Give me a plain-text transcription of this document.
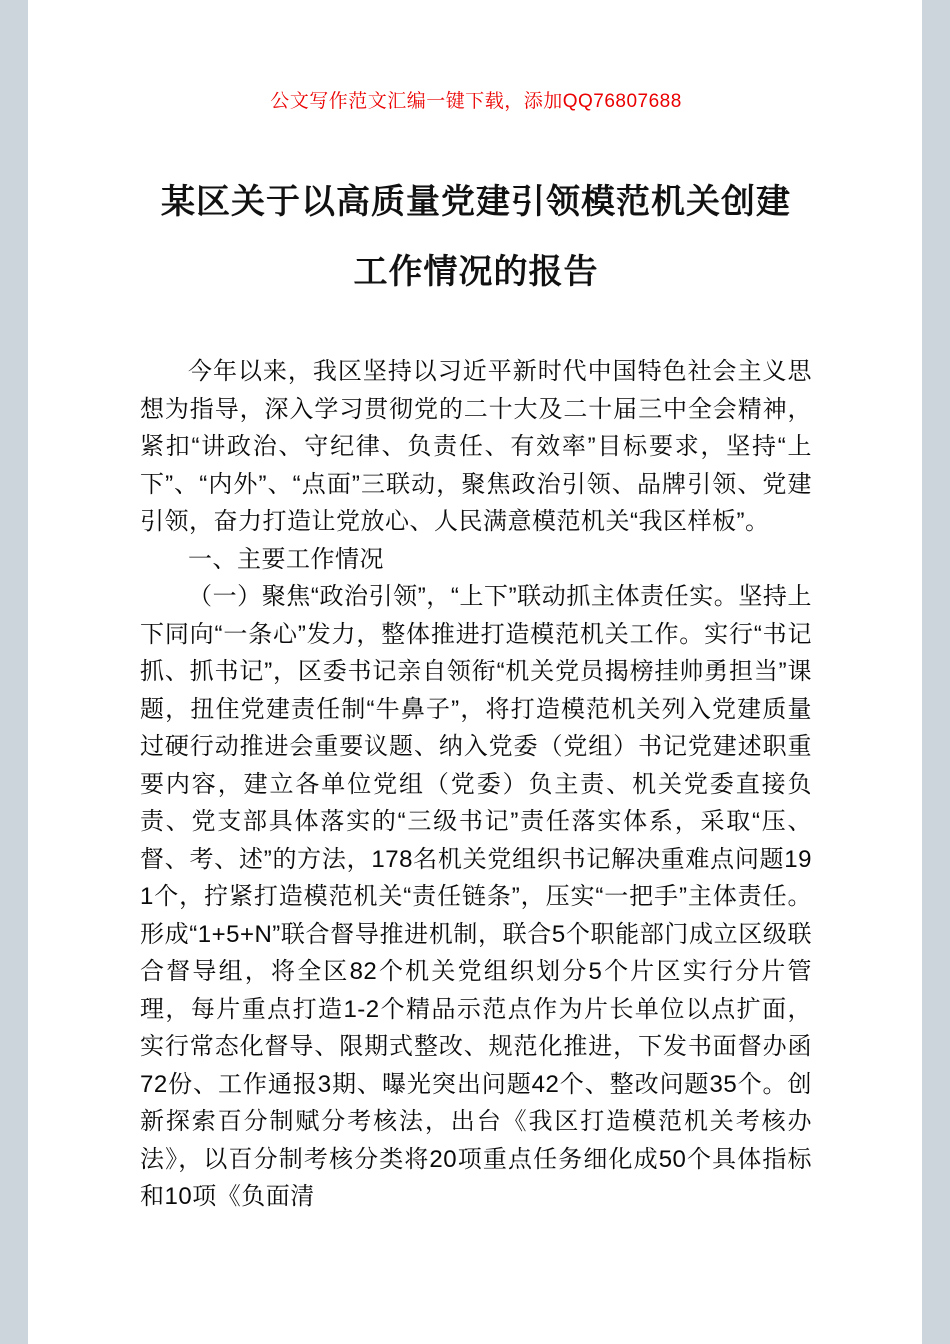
公文写作范文汇编一键下载，添加QQ76807688
某区关于以高质量党建引领模范机关创建
工作情况的报告

今年以来，我区坚持以习近平新时代中国特色社会主义思想为指导，深入学习贯彻党的二十大及二十届三中全会精神，紧扣“讲政治、守纪律、负责任、有效率”目标要求，坚持“上下”、“内外”、“点面”三联动，聚焦政治引领、品牌引领、党建引领，奋力打造让党放心、人民满意模范机关“我区样板”。

一、主要工作情况

（一）聚焦“政治引领”，“上下”联动抓主体责任实。坚持上下同向“一条心”发力，整体推进打造模范机关工作。实行“书记抓、抓书记”，区委书记亲自领衔“机关党员揭榜挂帅勇担当”课题，扭住党建责任制“牛鼻子”，将打造模范机关列入党建质量过硬行动推进会重要议题、纳入党委（党组）书记党建述职重要内容，建立各单位党组（党委）负主责、机关党委直接负责、党支部具体落实的“三级书记”责任落实体系，采取“压、督、考、述”的方法，178名机关党组织书记解决重难点问题191个，拧紧打造模范机关“责任链条”，压实“一把手”主体责任。形成“1+5+N”联合督导推进机制，联合5个职能部门成立区级联合督导组，将全区82个机关党组织划分5个片区实行分片管理，每片重点打造1-2个精品示范点作为片长单位以点扩面，实行常态化督导、限期式整改、规范化推进，下发书面督办函72份、工作通报3期、曝光突出问题42个、整改问题35个。创新探索百分制赋分考核法，出台《我区打造模范机关考核办法》，以百分制考核分类将20项重点任务细化成50个具体指标和10项《负面清
